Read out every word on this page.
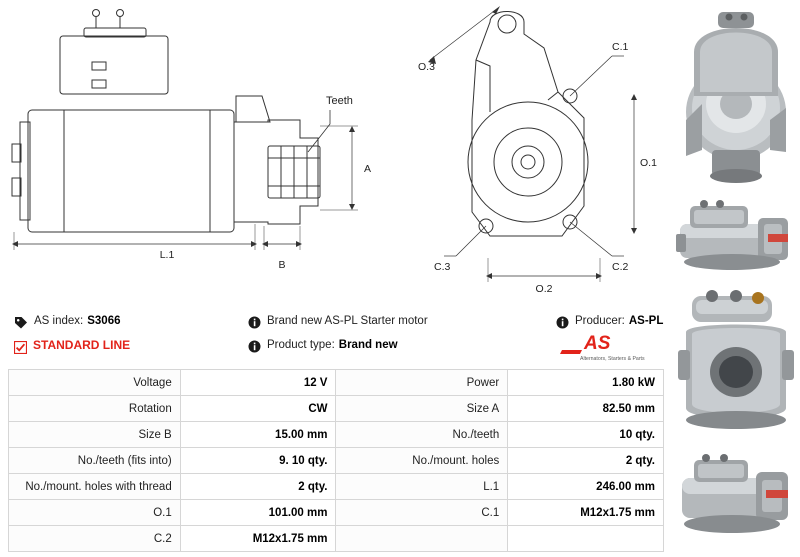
Teeth
A
L.1
B
O.3
C.1
C.2
C.3
O.1
O.2
AS index: S3066
STANDARD LINE
Brand new AS-PL Starter motor
Product type: Brand new
Producer: AS-PL
AS
Alternators, Starters & Parts
Voltage	12 V	Power	1.80 kW
Rotation	CW	Size A	82.50 mm
Size B	15.00 mm	No./teeth	10 qty.
No./teeth (fits into)	9. 10 qty.	No./mount. holes	2 qty.
No./mount. holes with thread	2 qty.	L.1	246.00 mm
O.1	101.00 mm	C.1	M12x1.75 mm
C.2	M12x1.75 mm		
